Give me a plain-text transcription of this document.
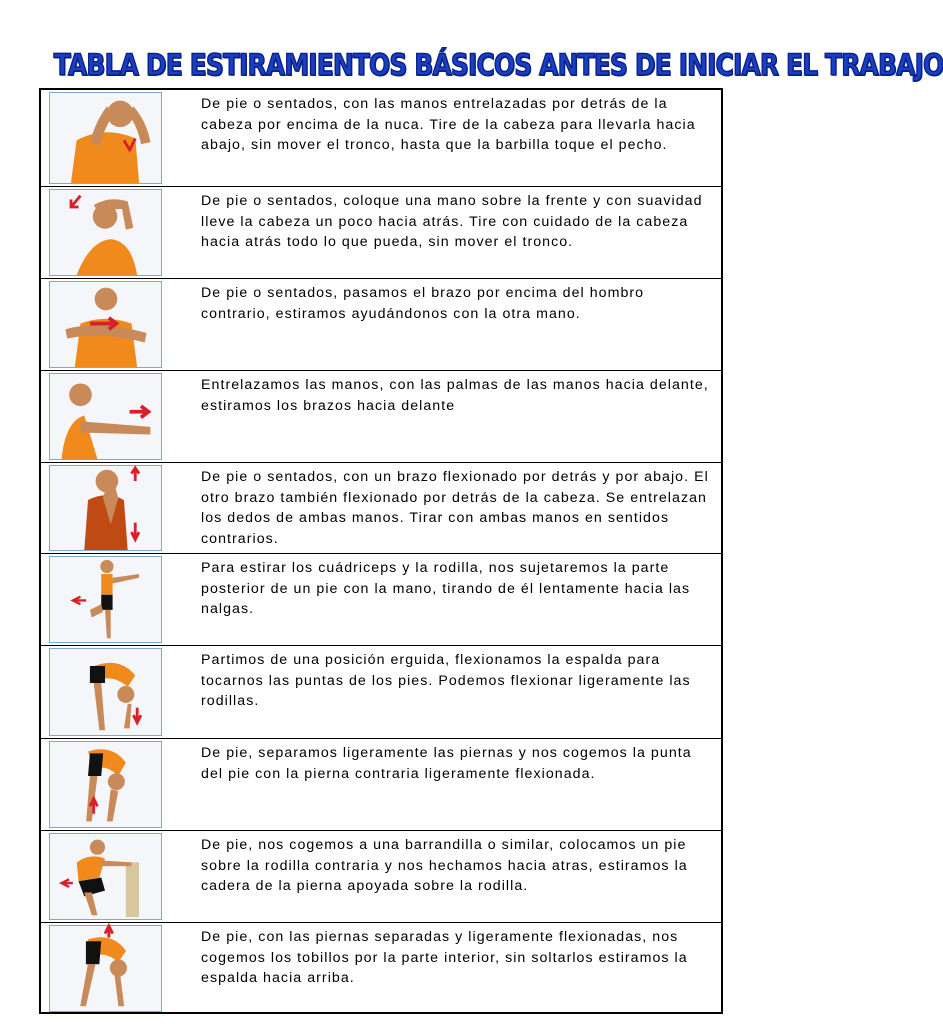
TABLA DE ESTIRAMIENTOS BÁSICOS ANTES DE INICIAR EL TRABAJO
De pie o sentados, con las manos entrelazadas por detrás de la cabeza por encima de la nuca. Tire de la cabeza para llevarla hacia abajo, sin mover el tronco, hasta que la barbilla toque el pecho.
De pie o sentados, coloque una mano sobre la frente y con suavidad lleve la cabeza un poco hacia atrás. Tire con cuidado de la cabeza hacia atrás todo lo que pueda, sin mover el tronco.
De pie o sentados, pasamos el brazo por encima del hombro contrario, estiramos ayudándonos con la otra mano.
Entrelazamos las manos, con las palmas de las manos hacia delante, estiramos los brazos hacia delante
De pie o sentados, con un brazo flexionado por detrás y por abajo. El otro brazo también flexionado por detrás de la cabeza. Se entrelazan los dedos de ambas manos. Tirar con ambas manos en sentidos contrarios.
Para estirar los cuádriceps y la rodilla, nos sujetaremos la parte posterior de un pie con la mano, tirando de él lentamente hacia las nalgas.
Partimos de una posición erguida, flexionamos la espalda para tocarnos las puntas de los pies. Podemos flexionar ligeramente las rodillas.
De pie, separamos ligeramente las piernas y nos cogemos la punta del pie con la pierna contraria ligeramente flexionada.
De pie, nos cogemos a una barrandilla o similar, colocamos un pie sobre la rodilla contraria y nos hechamos hacia atras, estiramos la cadera de la pierna apoyada sobre la rodilla.
De pie, con las piernas separadas y ligeramente flexionadas, nos cogemos los tobillos por la parte interior, sin soltarlos estiramos la espalda hacia arriba.
